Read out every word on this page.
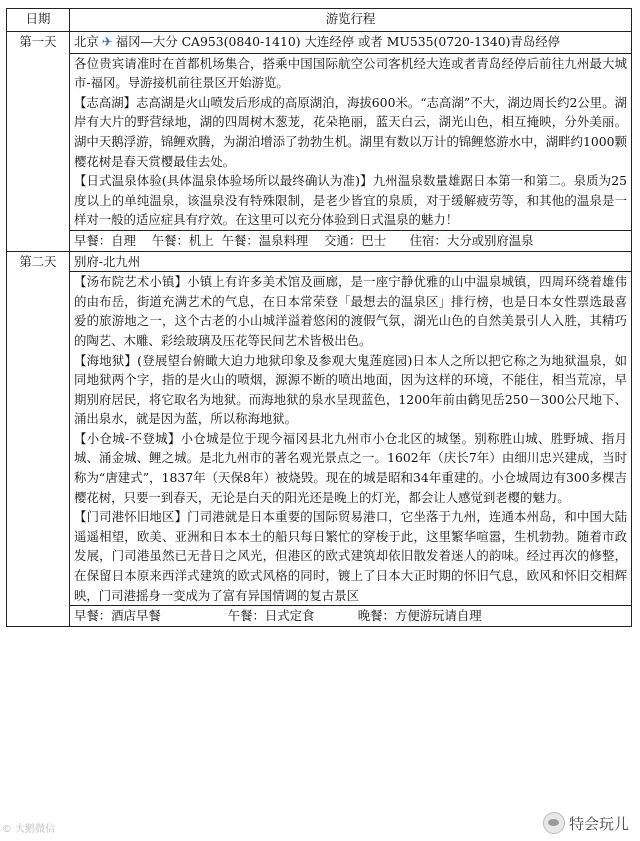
日期	游览行程
第一天	北京 ✈ 福冈—大分 CA953(0840-1410) 大连经停 或者 MU535(0720-1340)青岛经停

	各位贵宾请准时在首都机场集合，搭乘中国国际航空公司客机经大连或者青岛经停后前往九州最大城市-福冈。导游接机前往景区开始游览。

【志高湖】志高湖是火山喷发后形成的高原湖泊，海拔600米。“志高湖”不大，湖边周长约2公里。湖岸有大片的野营绿地，湖的四周树木葱茏，花朵艳丽，蓝天白云，湖光山色，相互掩映，分外美丽。湖中天鹅浮游，锦鲤欢腾，为湖泊增添了勃勃生机。湖里有数以万计的锦鲤悠游水中，湖畔约1000颗樱花树是春天赏樱最佳去处。

【日式温泉体验(具体温泉体验场所以最终确认为准)】九州温泉数量雄踞日本第一和第二。泉质为25度以上的单纯温泉，该温泉没有特殊限制，是老少皆宜的泉质，对于缓解疲劳等，和其他的温泉是一样对一般的适应症具有疗效。在这里可以充分体验到日式温泉的魅力！

	早餐：自理 午餐：机上 午餐：温泉料理 交通：巴士 住宿：大分或别府温泉
第二天	别府-北九州

	【汤布院艺术小镇】小镇上有许多美术馆及画廊，是一座宁静优雅的山中温泉城镇，四周环绕着雄伟的由布岳，街道充满艺术的气息，在日本常荣登「最想去的温泉区」排行榜，也是日本女性票选最喜爱的旅游地之一，这个古老的小山城洋溢着悠闲的渡假气氛，湖光山色的自然美景引人入胜，其精巧的陶艺、木雕、彩绘玻璃及压花等民间艺术皆极出色。

【海地狱】(登展望台俯瞰大迫力地狱印象及参观大鬼莲庭园)日本人之所以把它称之为地狱温泉，如同地狱两个字，指的是火山的喷烟，源源不断的喷出地面，因为这样的环境，不能住，相当荒凉，早期别府居民，将它取名为地狱。而海地狱的泉水呈现蓝色，1200年前由鹤见岳250－300公尺地下、涌出泉水，就是因为蓝，所以称海地狱。

【小仓城-不登城】小仓城是位于现今福冈县北九州市小仓北区的城堡。别称胜山城、胜野城、指月城、涌金城、鲤之城。是北九州市的著名观光景点之一。1602年（庆长7年）由细川忠兴建成，当时称为“唐建式”，1837年（天保8年）被烧毁。现在的城是昭和34年重建的。小仓城周边有300多棵吉樱花树，只要一到春天，无论是白天的阳光还是晚上的灯光，都会让人感觉到老樱的魅力。

【门司港怀旧地区】门司港就是日本重要的国际贸易港口，它坐落于九州，连通本州岛，和中国大陆遥遥相望，欧美、亚洲和日本本土的船只每日繁忙的穿梭于此，这里繁华喧嚣，生机勃勃。随着市政发展，门司港虽然已无昔日之风光，但港区的欧式建筑却依旧散发着迷人的韵味。经过再次的修整，在保留日本原来西洋式建筑的欧式风格的同时，镀上了日本大正时期的怀旧气息，欧风和怀旧交相辉映，门司港摇身一变成为了富有异国情调的复古景区

	早餐：酒店早餐 午餐：日式定食 晚餐：方便游玩请自理
© 大鹅微信	特会玩儿
